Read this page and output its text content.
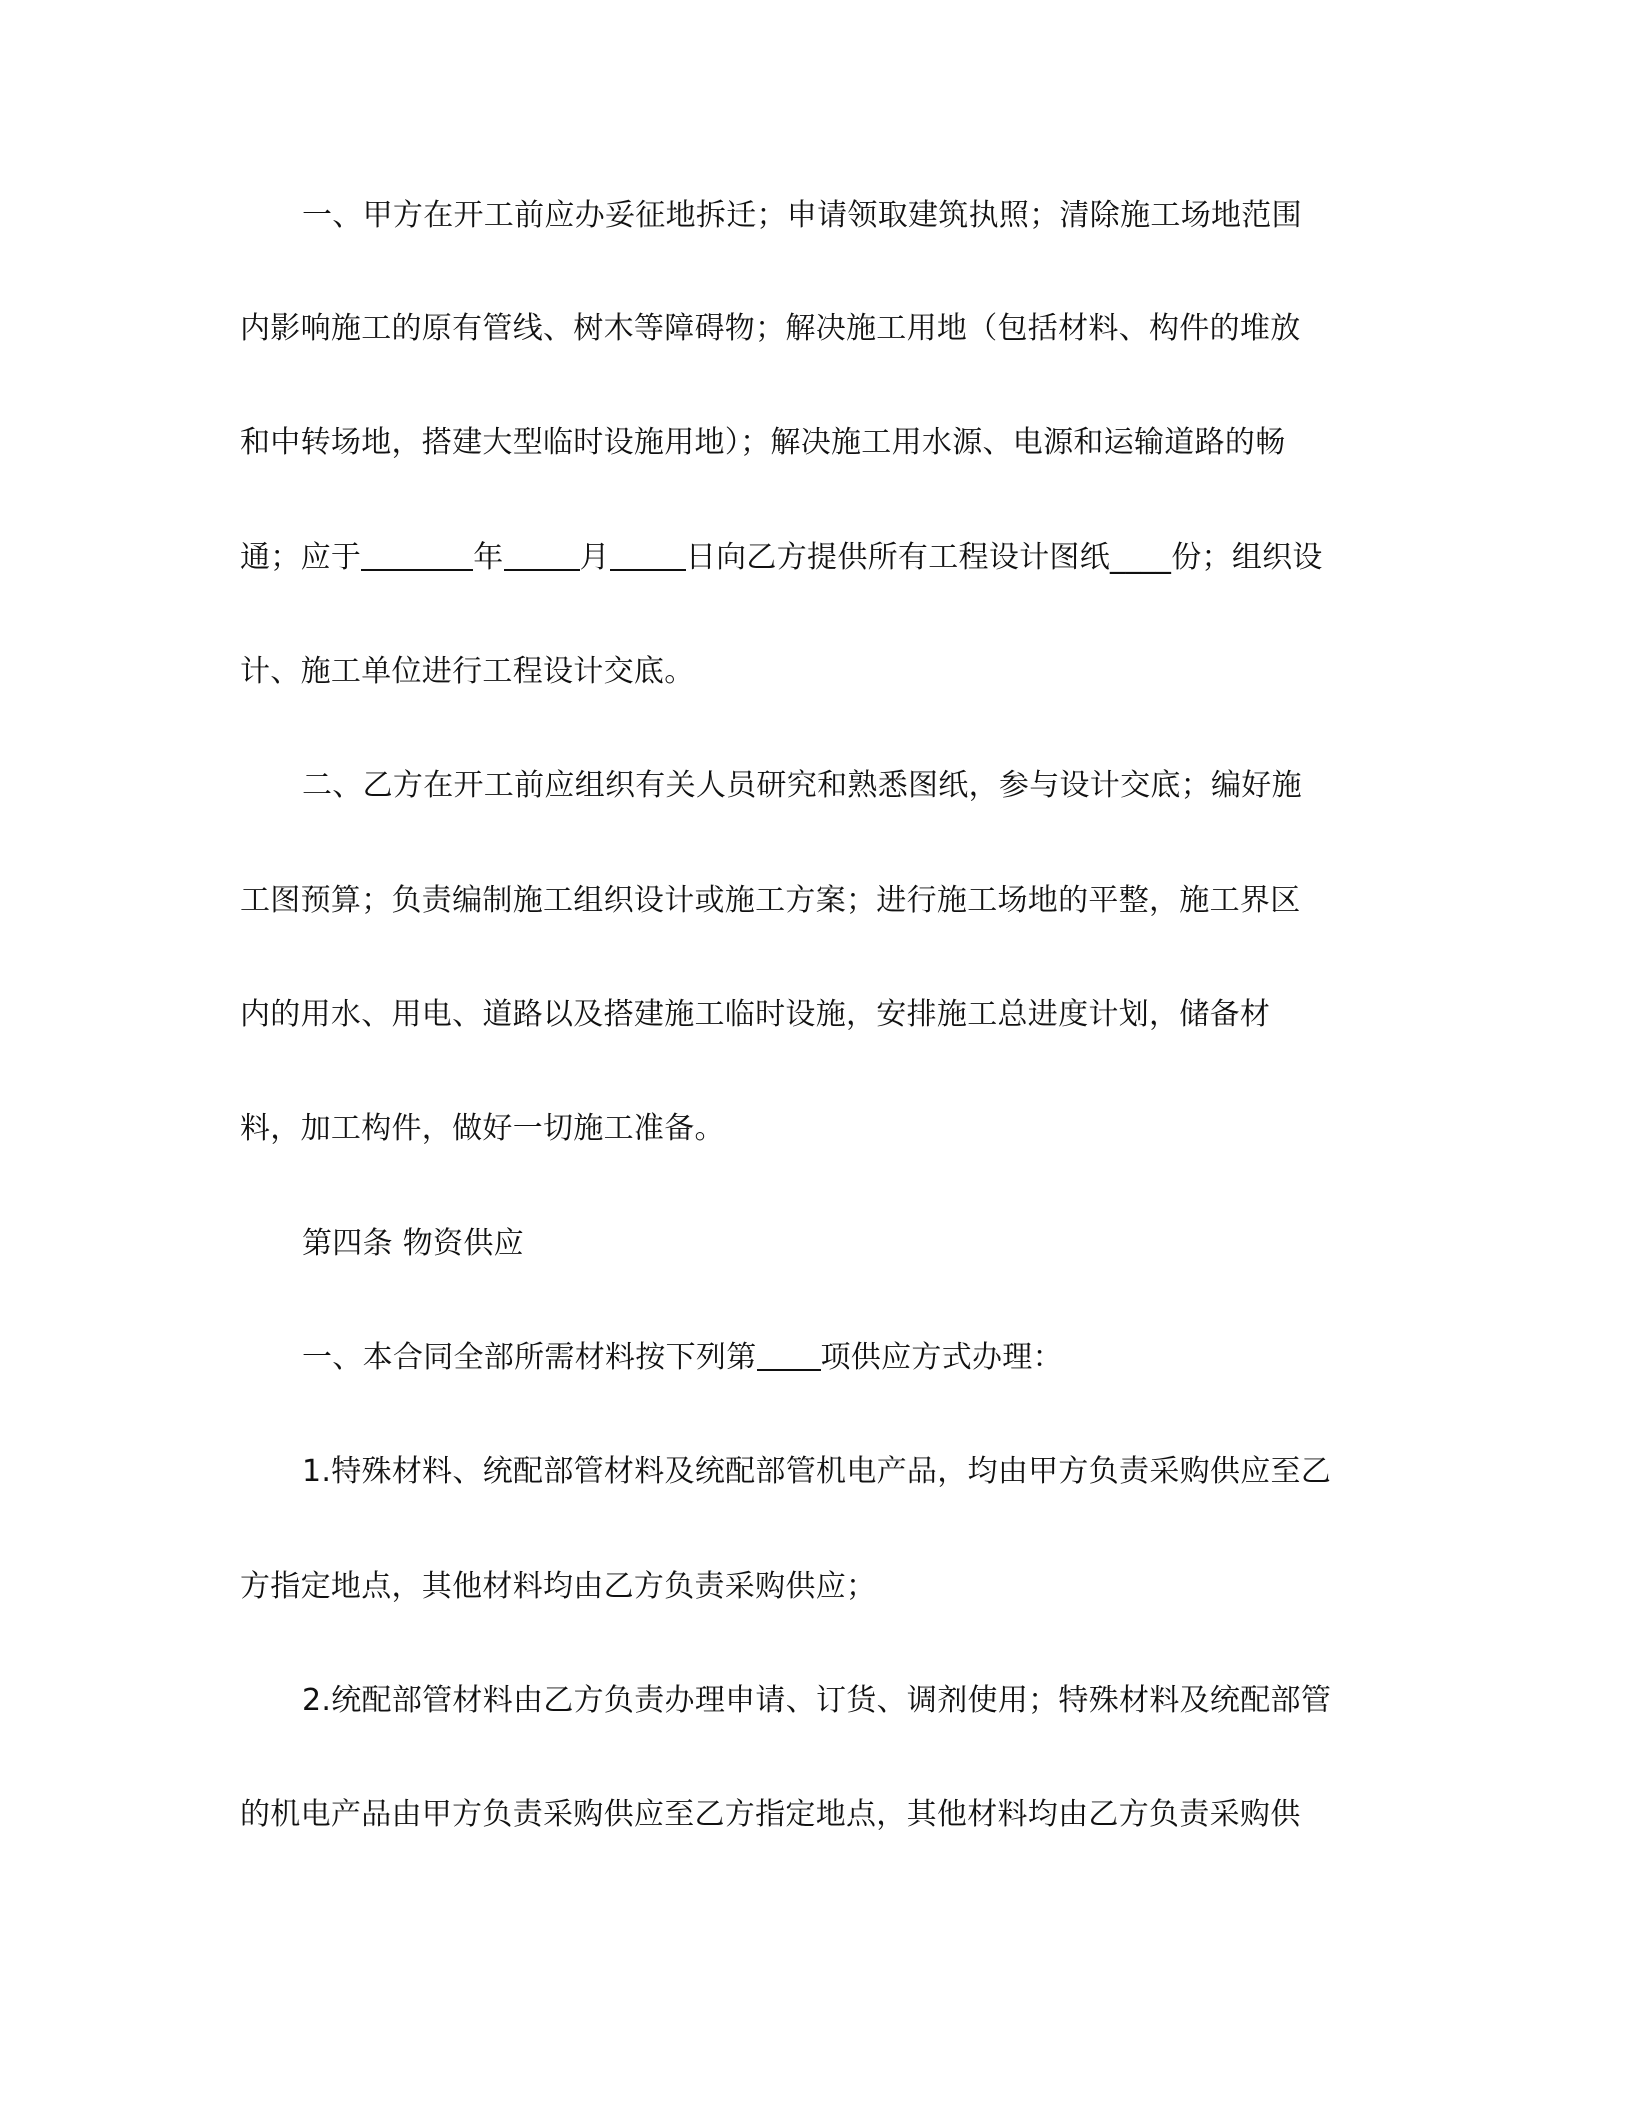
一、甲方在开工前应办妥征地拆迁；申请领取建筑执照；清除施工场地范围
内影响施工的原有管线、树木等障碍物；解决施工用地（包括材料、构件的堆放
和中转场地，搭建大型临时设施用地）；解决施工用水源、电源和运输道路的畅
通；应于	年	月	日向乙方提供所有工程设计图纸____份；组织设
计、施工单位进行工程设计交底。
二、乙方在开工前应组织有关人员研究和熟悉图纸，参与设计交底；编好施
工图预算；负责编制施工组织设计或施工方案；进行施工场地的平整，施工界区
内的用水、用电、道路以及搭建施工临时设施，安排施工总进度计划，储备材
料，加工构件，做好一切施工准备。
第四条 物资供应
一、本合同全部所需材料按下列第 项供应方式办理：
1.特殊材料、统配部管材料及统配部管机电产品，均由甲方负责采购供应至乙
方指定地点，其他材料均由乙方负责采购供应；
2.统配部管材料由乙方负责办理申请、订货、调剂使用；特殊材料及统配部管
的机电产品由甲方负责采购供应至乙方指定地点，其他材料均由乙方负责采购供
